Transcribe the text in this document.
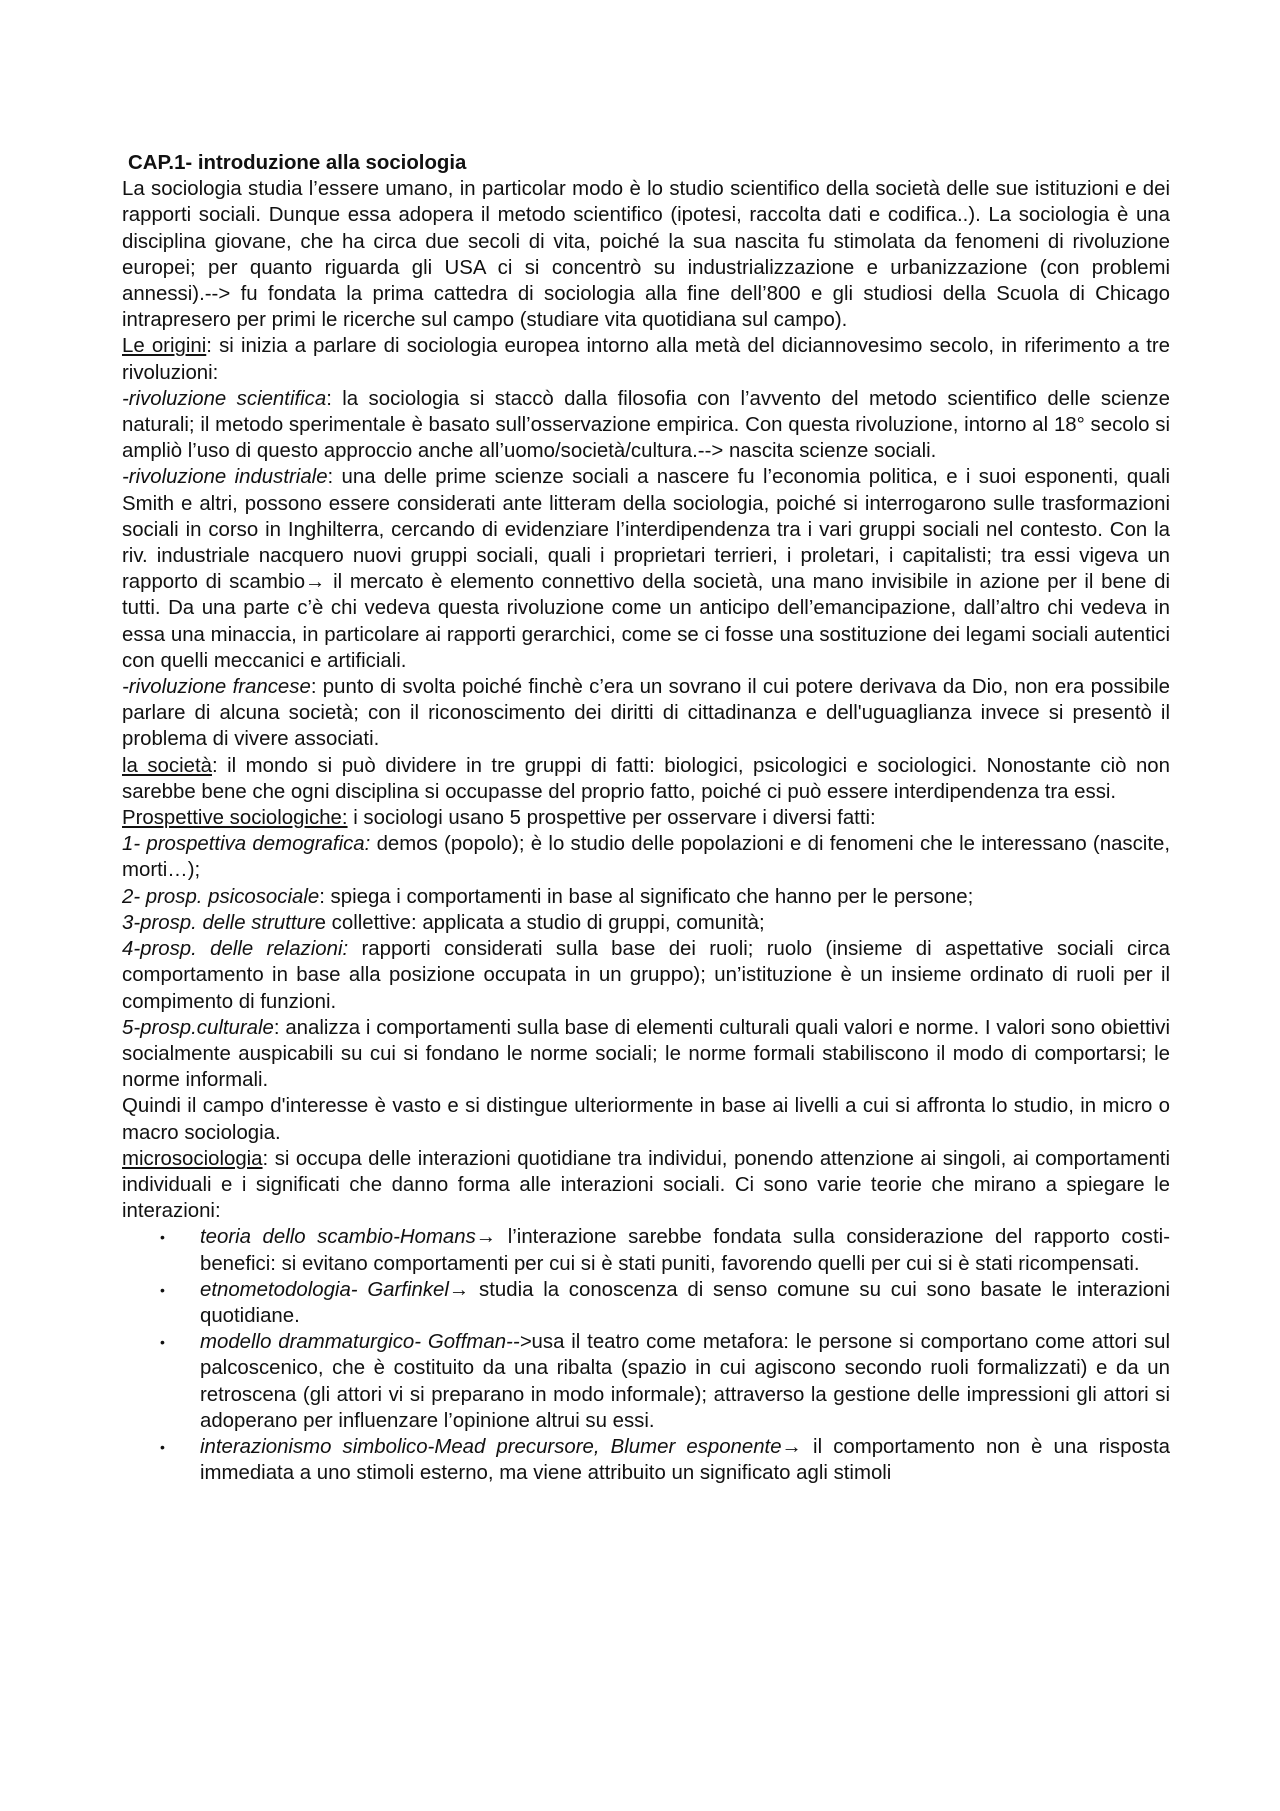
CAP.1- introduzione alla sociologia

La sociologia studia l’essere umano, in particolar modo è lo studio scientifico della società delle sue istituzioni e dei rapporti sociali. Dunque essa adopera il metodo scientifico (ipotesi, raccolta dati e codifica..). La sociologia è una disciplina giovane, che ha circa due secoli di vita, poiché la sua nascita fu stimolata da fenomeni di rivoluzione europei; per quanto riguarda gli USA ci si concentrò su industrializzazione e urbanizzazione (con problemi annessi).--> fu fondata la prima cattedra di sociologia alla fine dell’800 e gli studiosi della Scuola di Chicago intrapresero per primi le ricerche sul campo (studiare vita quotidiana sul campo).

Le origini: si inizia a parlare di sociologia europea intorno alla metà del diciannovesimo secolo, in riferimento a tre rivoluzioni:

-rivoluzione scientifica: la sociologia si staccò dalla filosofia con l’avvento del metodo scientifico delle scienze naturali; il metodo sperimentale è basato sull’osservazione empirica. Con questa rivoluzione, intorno al 18° secolo si ampliò l’uso di questo approccio anche all’uomo/società/cultura.--> nascita scienze sociali.

-rivoluzione industriale: una delle prime scienze sociali a nascere fu l’economia politica, e i suoi esponenti, quali Smith e altri, possono essere considerati ante litteram della sociologia, poiché si interrogarono sulle trasformazioni sociali in corso in Inghilterra, cercando di evidenziare l’interdipendenza tra i vari gruppi sociali nel contesto. Con la riv. industriale nacquero nuovi gruppi sociali, quali i proprietari terrieri, i proletari, i capitalisti; tra essi vigeva un rapporto di scambio→ il mercato è elemento connettivo della società, una mano invisibile in azione per il bene di tutti. Da una parte c’è chi vedeva questa rivoluzione come un anticipo dell’emancipazione, dall’altro chi vedeva in essa una minaccia, in particolare ai rapporti gerarchici, come se ci fosse una sostituzione dei legami sociali autentici con quelli meccanici e artificiali.

-rivoluzione francese: punto di svolta poiché finchè c’era un sovrano il cui potere derivava da Dio, non era possibile parlare di alcuna società; con il riconoscimento dei diritti di cittadinanza e dell'uguaglianza invece si presentò il problema di vivere associati.

la società: il mondo si può dividere in tre gruppi di fatti: biologici, psicologici e sociologici. Nonostante ciò non sarebbe bene che ogni disciplina si occupasse del proprio fatto, poiché ci può essere interdipendenza tra essi.

Prospettive sociologiche: i sociologi usano 5 prospettive per osservare i diversi fatti:

1- prospettiva demografica: demos (popolo); è lo studio delle popolazioni e di fenomeni che le interessano (nascite, morti…);

2- prosp. psicosociale: spiega i comportamenti in base al significato che hanno per le persone;

3-prosp. delle strutture collettive: applicata a studio di gruppi, comunità;

4-prosp. delle relazioni: rapporti considerati sulla base dei ruoli; ruolo (insieme di aspettative sociali circa comportamento in base alla posizione occupata in un gruppo); un’istituzione è un insieme ordinato di ruoli per il compimento di funzioni.

5-prosp.culturale: analizza i comportamenti sulla base di elementi culturali quali valori e norme. I valori sono obiettivi socialmente auspicabili su cui si fondano le norme sociali; le norme formali stabiliscono il modo di comportarsi; le norme informali.

Quindi il campo d'interesse è vasto e si distingue ulteriormente in base ai livelli a cui si affronta lo studio, in micro o macro sociologia.

microsociologia: si occupa delle interazioni quotidiane tra individui, ponendo attenzione ai singoli, ai comportamenti individuali e i significati che danno forma alle interazioni sociali. Ci sono varie teorie che mirano a spiegare le interazioni:

• teoria dello scambio-Homans→ l’interazione sarebbe fondata sulla considerazione del rapporto costi-benefici: si evitano comportamenti per cui si è stati puniti, favorendo quelli per cui si è stati ricompensati.
• etnometodologia- Garfinkel→ studia la conoscenza di senso comune su cui sono basate le interazioni quotidiane.
• modello drammaturgico- Goffman-->usa il teatro come metafora: le persone si comportano come attori sul palcoscenico, che è costituito da una ribalta (spazio in cui agiscono secondo ruoli formalizzati) e da un retroscena (gli attori vi si preparano in modo informale); attraverso la gestione delle impressioni gli attori si adoperano per influenzare l’opinione altrui su essi.
• interazionismo simbolico-Mead precursore, Blumer esponente→ il comportamento non è una risposta immediata a uno stimoli esterno, ma viene attribuito un significato agli stimoli
